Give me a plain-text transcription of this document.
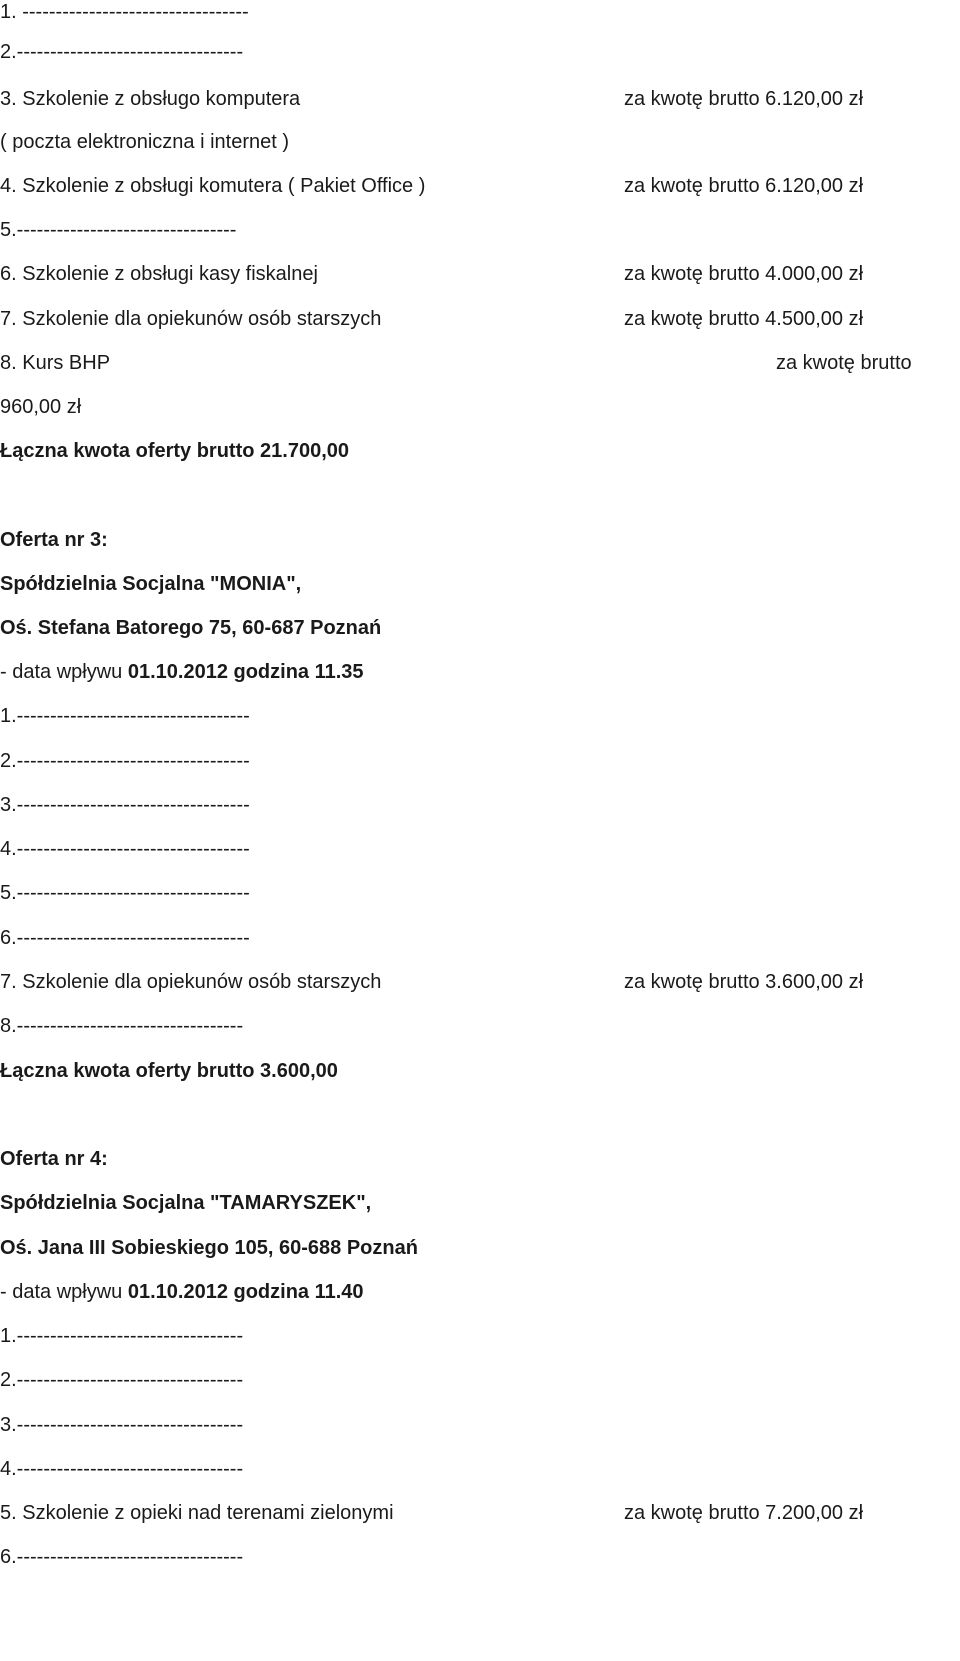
1. ----------------------------------
2.----------------------------------
3. Szkolenie z obsługo komputera	za kwotę brutto 6.120,00 zł
( poczta elektroniczna i internet )
4. Szkolenie z obsługi komutera ( Pakiet Office )	za kwotę brutto 6.120,00 zł
5.---------------------------------
6. Szkolenie z obsługi kasy fiskalnej	za kwotę brutto 4.000,00 zł
7. Szkolenie dla opiekunów osób starszych	za kwotę brutto 4.500,00 zł
8. Kurs BHP	za kwotę brutto
960,00 zł
Łączna kwota oferty brutto 21.700,00
Oferta nr 3:
Spółdzielnia Socjalna "MONIA",
Oś. Stefana Batorego 75, 60-687 Poznań
- data wpływu 01.10.2012 godzina 11.35
1.-----------------------------------
2.-----------------------------------
3.-----------------------------------
4.-----------------------------------
5.-----------------------------------
6.-----------------------------------
7. Szkolenie dla opiekunów osób starszych	za kwotę brutto 3.600,00 zł
8.----------------------------------
Łączna kwota oferty brutto 3.600,00
Oferta nr 4:
Spółdzielnia Socjalna "TAMARYSZEK",
Oś. Jana III Sobieskiego 105, 60-688 Poznań
- data wpływu 01.10.2012 godzina 11.40
1.----------------------------------
2.----------------------------------
3.----------------------------------
4.----------------------------------
5. Szkolenie z opieki nad terenami zielonymi	za kwotę brutto 7.200,00 zł
6.----------------------------------
